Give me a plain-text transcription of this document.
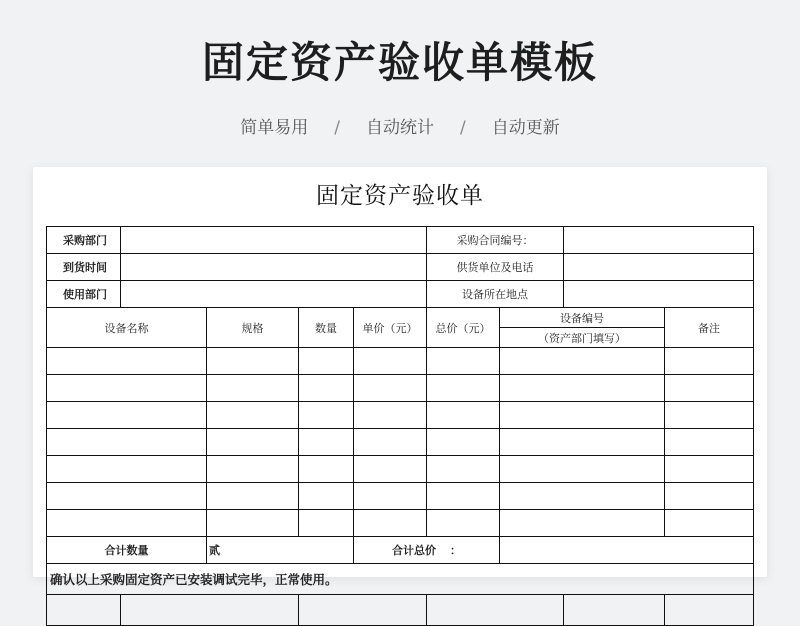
固定资产验收单模板
简单易用 / 自动统计 / 自动更新
固定资产验收单
采购部门					采购合同编号：			
到货时间					供货单位及电话			
使用部门					设备所在地点			
设备名称		规格	数量	单价（元）	总价（元）	设备编号		备注
						（资产部门填写）		

合计数量		贰		合计总价 ：				
确认以上采购固定资产已安装调试完毕，正常使用。								
